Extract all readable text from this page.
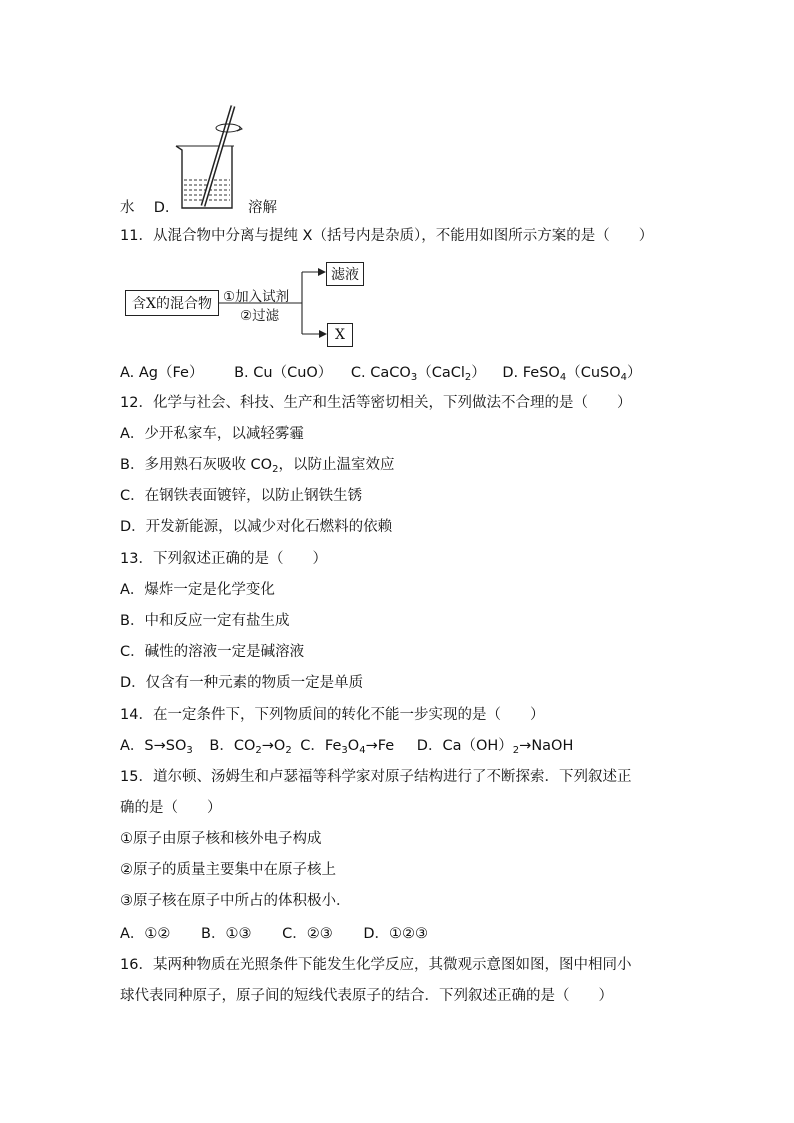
水 D.	溶解
11．从混合物中分离与提纯 X（括号内是杂质），不能用如图所示方案的是（　　）
含X的混合物
滤液
X
①加入试剂
②过滤
A. Ag（Fe） B. Cu（CuO） C. CaCO$_3$（CaCl$_2$） D. FeSO$_4$（CuSO$_4$）
12．化学与社会、科技、生产和生活等密切相关，下列做法不合理的是（　　）
A．少开私家车，以减轻雾霾
B．多用熟石灰吸收 $CO_2$，以防止温室效应
C．在钢铁表面镀锌，以防止钢铁生锈
D．开发新能源，以减少对化石燃料的依赖
13．下列叙述正确的是（　　）
A．爆炸一定是化学变化
B．中和反应一定有盐生成
C．碱性的溶液一定是碱溶液
D．仅含有一种元素的物质一定是单质
14．在一定条件下，下列物质间的转化不能一步实现的是（　　）
A．$S\to SO_3$ B．$CO_2\to O_2$ C．$Fe_3O_4\to Fe$ D．$Ca(OH)_2\to NaOH$
15．道尔顿、汤姆生和卢瑟福等科学家对原子结构进行了不断探索．下列叙述正
确的是（　　）
①原子由原子核和核外电子构成
②原子的质量主要集中在原子核上
③原子核在原子中所占的体积极小．
A．①② B．①③ C．②③ D．①②③
16．某两种物质在光照条件下能发生化学反应，其微观示意图如图，图中相同小
球代表同种原子，原子间的短线代表原子的结合．下列叙述正确的是（　　）
